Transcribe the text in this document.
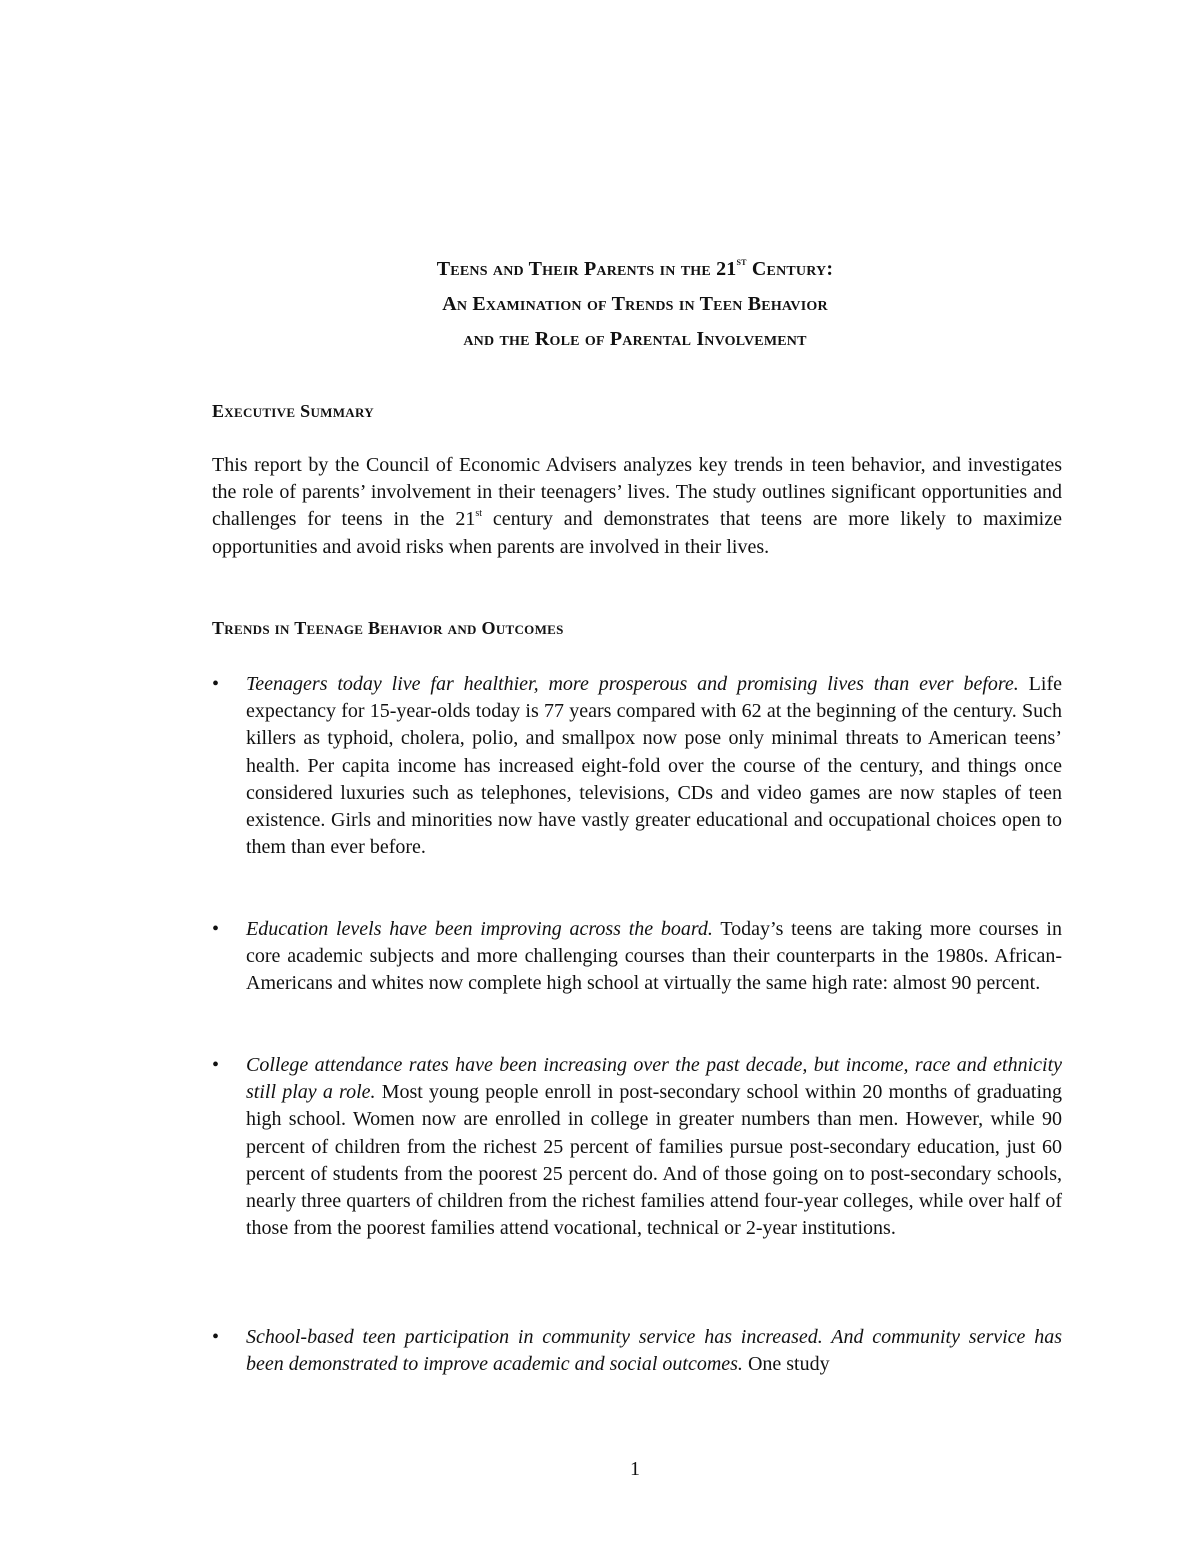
Teens and Their Parents in the 21st Century:
An Examination of Trends in Teen Behavior
and the Role of Parental Involvement
Executive Summary
This report by the Council of Economic Advisers analyzes key trends in teen behavior, and investigates the role of parents’ involvement in their teenagers’ lives. The study outlines significant opportunities and challenges for teens in the 21st century and demonstrates that teens are more likely to maximize opportunities and avoid risks when parents are involved in their lives.
Trends in Teenage Behavior and Outcomes
• Teenagers today live far healthier, more prosperous and promising lives than ever before. Life expectancy for 15-year-olds today is 77 years compared with 62 at the beginning of the century. Such killers as typhoid, cholera, polio, and smallpox now pose only minimal threats to American teens’ health. Per capita income has increased eight-fold over the course of the century, and things once considered luxuries such as telephones, televisions, CDs and video games are now staples of teen existence. Girls and minorities now have vastly greater educational and occupational choices open to them than ever before.
• Education levels have been improving across the board. Today’s teens are taking more courses in core academic subjects and more challenging courses than their counterparts in the 1980s. African-Americans and whites now complete high school at virtually the same high rate: almost 90 percent.
• College attendance rates have been increasing over the past decade, but income, race and ethnicity still play a role. Most young people enroll in post-secondary school within 20 months of graduating high school. Women now are enrolled in college in greater numbers than men. However, while 90 percent of children from the richest 25 percent of families pursue post-secondary education, just 60 percent of students from the poorest 25 percent do. And of those going on to post-secondary schools, nearly three quarters of children from the richest families attend four-year colleges, while over half of those from the poorest families attend vocational, technical or 2-year institutions.
• School-based teen participation in community service has increased. And community service has been demonstrated to improve academic and social outcomes. One study
1
